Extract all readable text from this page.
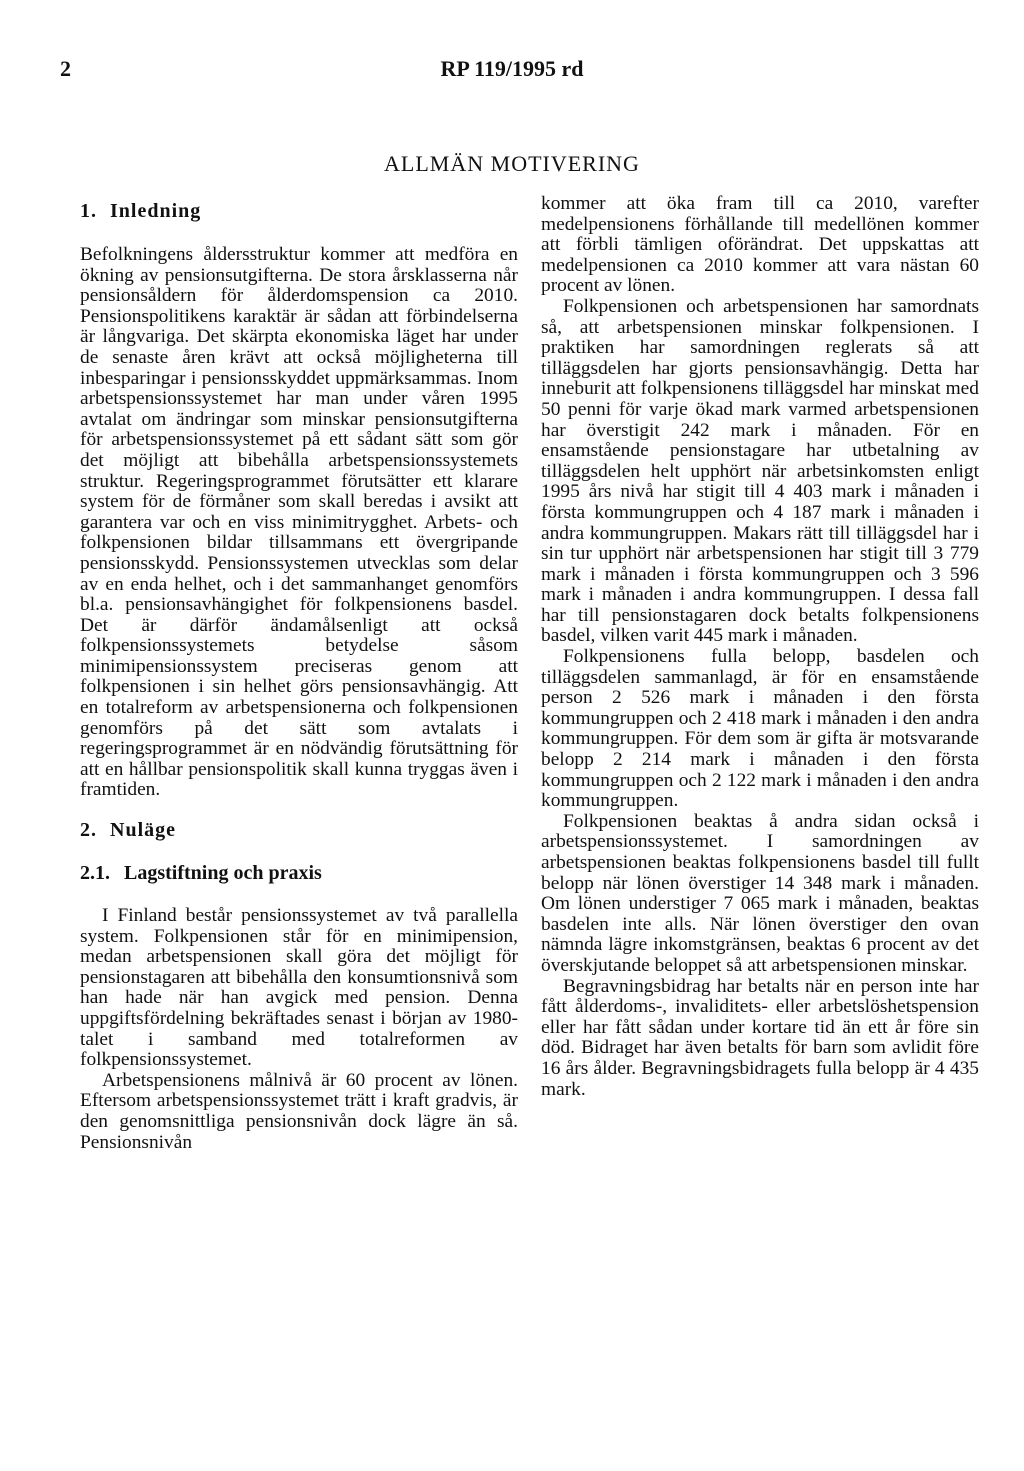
2	RP 119/1995 rd
ALLMÄN MOTIVERING
1. Inledning

Befolkningens åldersstruktur kommer att medföra en ökning av pensionsutgifterna. De stora årsklasserna når pensionsåldern för ålderdomspension ca 2010. Pensionspolitikens karaktär är sådan att förbindelserna är långvariga. Det skärpta ekonomiska läget har under de senaste åren krävt att också möjligheterna till inbesparingar i pensionsskyddet uppmärksammas. Inom arbetspensionssystemet har man under våren 1995 avtalat om ändringar som minskar pensionsutgifterna för arbetspensionssystemet på ett sådant sätt som gör det möjligt att bibehålla arbetspensionssystemets struktur. Regeringsprogrammet förutsätter ett klarare system för de förmåner som skall beredas i avsikt att garantera var och en viss minimitrygghet. Arbets- och folkpensionen bildar tillsammans ett övergripande pensionsskydd. Pensionssystemen utvecklas som delar av en enda helhet, och i det sammanhanget genomförs bl.a. pensionsavhängighet för folkpensionens basdel. Det är därför ändamålsenligt att också folkpensionssystemets betydelse såsom minimipensionssystem preciseras genom att folkpensionen i sin helhet görs pensionsavhängig. Att en totalreform av arbetspensionerna och folkpensionen genomförs på det sätt som avtalats i regeringsprogrammet är en nödvändig förutsättning för att en hållbar pensionspolitik skall kunna tryggas även i framtiden.

2. Nuläge
2.1. Lagstiftning och praxis

I Finland består pensionssystemet av två parallella system. Folkpensionen står för en minimipension, medan arbetspensionen skall göra det möjligt för pensionstagaren att bibehålla den konsumtionsnivå som han hade när han avgick med pension. Denna uppgiftsfördelning bekräftades senast i början av 1980-talet i samband med totalreformen av folkpensionssystemet.

Arbetspensionens målnivå är 60 procent av lönen. Eftersom arbetspensionssystemet trätt i kraft gradvis, är den genomsnittliga pensionsnivån dock lägre än så. Pensionsnivån

kommer att öka fram till ca 2010, varefter medelpensionens förhållande till medellönen kommer att förbli tämligen oförändrat. Det uppskattas att medelpensionen ca 2010 kommer att vara nästan 60 procent av lönen.

Folkpensionen och arbetspensionen har samordnats så, att arbetspensionen minskar folkpensionen. I praktiken har samordningen reglerats så att tilläggsdelen har gjorts pensionsavhängig. Detta har inneburit att folkpensionens tilläggsdel har minskat med 50 penni för varje ökad mark varmed arbetspensionen har överstigit 242 mark i månaden. För en ensamstående pensionstagare har utbetalning av tilläggsdelen helt upphört när arbetsinkomsten enligt 1995 års nivå har stigit till 4 403 mark i månaden i första kommungruppen och 4 187 mark i månaden i andra kommungruppen. Makars rätt till tilläggsdel har i sin tur upphört när arbetspensionen har stigit till 3 779 mark i månaden i första kommungruppen och 3 596 mark i månaden i andra kommungruppen. I dessa fall har till pensionstagaren dock betalts folkpensionens basdel, vilken varit 445 mark i månaden.

Folkpensionens fulla belopp, basdelen och tilläggsdelen sammanlagd, är för en ensamstående person 2 526 mark i månaden i den första kommungruppen och 2 418 mark i månaden i den andra kommungruppen. För dem som är gifta är motsvarande belopp 2 214 mark i månaden i den första kommungruppen och 2 122 mark i månaden i den andra kommungruppen.

Folkpensionen beaktas å andra sidan också i arbetspensionssystemet. I samordningen av arbetspensionen beaktas folkpensionens basdel till fullt belopp när lönen överstiger 14 348 mark i månaden. Om lönen understiger 7 065 mark i månaden, beaktas basdelen inte alls. När lönen överstiger den ovan nämnda lägre inkomstgränsen, beaktas 6 procent av det överskjutande beloppet så att arbetspensionen minskar.

Begravningsbidrag har betalts när en person inte har fått ålderdoms-, invaliditets- eller arbetslöshetspension eller har fått sådan under kortare tid än ett år före sin död. Bidraget har även betalts för barn som avlidit före 16 års ålder. Begravningsbidragets fulla belopp är 4 435 mark.
